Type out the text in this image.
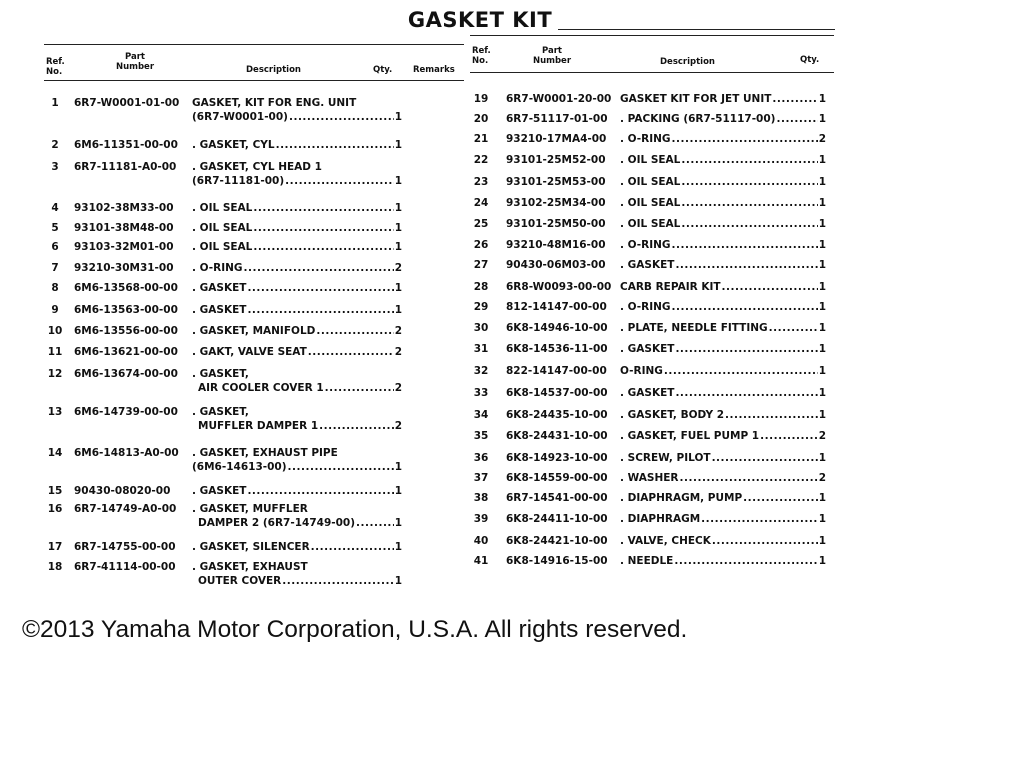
GASKET KIT
Ref.
No.
Part
Number	Description	Qty. Remarks
Ref.
No.
Part
Number	Description	Qty.
1	6R7-W0001-01-00 GASKET, KIT FOR ENG. UNIT
(6R7-W0001-00) .....	1
2	6M6-11351-00-00 . GASKET, CYL .....	1
3	6R7-11181-A0-00 . GASKET, CYL HEAD 1
(6R7-11181-00) .....	1
4	93102-38M33-00 . OIL SEAL .....	1
5	93101-38M48-00 . OIL SEAL .....	1
6	93103-32M01-00 . OIL SEAL .....	1
7	93210-30M31-00 . O-RING .....	2
8	6M6-13568-00-00 . GASKET .....	1
9	6M6-13563-00-00 . GASKET .....	1
10	6M6-13556-00-00 . GASKET, MANIFOLD .....	2
11	6M6-13621-00-00 . GAKT, VALVE SEAT .....	2
12	6M6-13674-00-00 . GASKET,
AIR COOLER COVER 1 .....	2
13	6M6-14739-00-00 . GASKET,
MUFFLER DAMPER 1 .....	2
14	6M6-14813-A0-00 . GASKET, EXHAUST PIPE
(6M6-14613-00) .....	1
15	90430-08020-00 . GASKET .....	1
16	6R7-14749-A0-00 . GASKET, MUFFLER
DAMPER 2 (6R7-14749-00) .....	1
17	6R7-14755-00-00 . GASKET, SILENCER .....	1
18	6R7-41114-00-00 . GASKET, EXHAUST
OUTER COVER .....	1
19	6R7-W0001-20-00 GASKET KIT FOR JET UNIT .....	1
20	6R7-51117-01-00 . PACKING (6R7-51117-00) .....	1
21	93210-17MA4-00 . O-RING .....	2
22	93101-25M52-00 . OIL SEAL .....	1
23	93101-25M53-00 . OIL SEAL .....	1
24	93102-25M34-00 . OIL SEAL .....	1
25	93101-25M50-00 . OIL SEAL .....	1
26	93210-48M16-00 . O-RING .....	1
27	90430-06M03-00 . GASKET .....	1
28	6R8-W0093-00-00 CARB REPAIR KIT .....	1
29	812-14147-00-00 . O-RING .....	1
30	6K8-14946-10-00 . PLATE, NEEDLE FITTING .....	1
31	6K8-14536-11-00 . GASKET .....	1
32	822-14147-00-00 O-RING .....	1
33	6K8-14537-00-00 . GASKET .....	1
34	6K8-24435-10-00 . GASKET, BODY 2 .....	1
35	6K8-24431-10-00 . GASKET, FUEL PUMP 1 .....	2
36	6K8-14923-10-00 . SCREW, PILOT .....	1
37	6K8-14559-00-00 . WASHER .....	2
38	6R7-14541-00-00 . DIAPHRAGM, PUMP .....	1
39	6K8-24411-10-00 . DIAPHRAGM .....	1
40	6K8-24421-10-00 . VALVE, CHECK .....	1
41	6K8-14916-15-00 . NEEDLE .....	1
©2013 Yamaha Motor Corporation, U.S.A. All rights reserved.
